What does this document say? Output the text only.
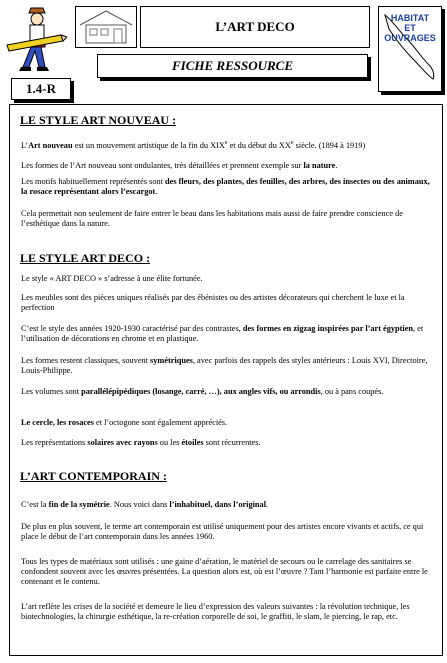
1.4-R
L’ART DECO
FICHE RESSOURCE
HABITAT
ET
OUVRAGES
LE STYLE ART NOUVEAU :

L’Art nouveau est un mouvement artistique de la fin du XIXe et du début du XXe siècle. (1894 à 1919)

Les formes de l’Art nouveau sont ondulantes, très détaillées et prennent exemple sur la nature.

Les motifs habituellement représentés sont des fleurs, des plantes, des feuilles, des arbres, des insectes ou des animaux, la rosace représentant alors l’escargot.

Cela permettait non seulement de faire entrer le beau dans les habitations mais aussi de faire prendre conscience de l’esthétique dans la nature.

LE STYLE ART DECO :

Le style « ART DECO » s’adresse à une élite fortunée.

Les meubles sont des pièces uniques réalisés par des ébénistes ou des artistes décorateurs qui cherchent le luxe et la perfection

C’est le style des années 1920-1930 caractérisé par des contrastes, des formes en zigzag inspirées par l’art égyptien, et l’utilisation de décorations en chrome et en plastique.

Les formes restent classiques, souvent symétriques, avec parfois des rappels des styles antérieurs : Louis XVI, Directoire, Louis-Philippe.

Les volumes sont parallélépipédiques (losange, carré, …), aux angles vifs, ou arrondis, ou à pans coupés.

Le cercle, les rosaces et l’octogone sont également appréciés.

Les représentations solaires avec rayons ou les étoiles sont récurrentes.

L’ART CONTEMPORAIN :

C’est la fin de la symétrie. Nous voici dans l’inhabituel, dans l’original.

De plus en plus souvent, le terme art contemporain est utilisé uniquement pour des artistes encore vivants et actifs, ce qui place le début de l’art contemporain dans les années 1960.

Tous les types de matériaux sont utilisés : une gaine d’aération, le matériel de secours ou le carrelage des sanitaires se confondent souvent avec les œuvres présentées. La question alors est, où est l’œuvre ? Tant l’harmonie est parfaite entre le contenant et le contenu.

L’art reflète les crises de la société et demeure le lieu d’expression des valeurs suivantes : la révolution technique, les biotechnologies, la chirurgie esthétique, la re-création corporelle de soi, le graffiti, le slam, le piercing, le rap, etc.
